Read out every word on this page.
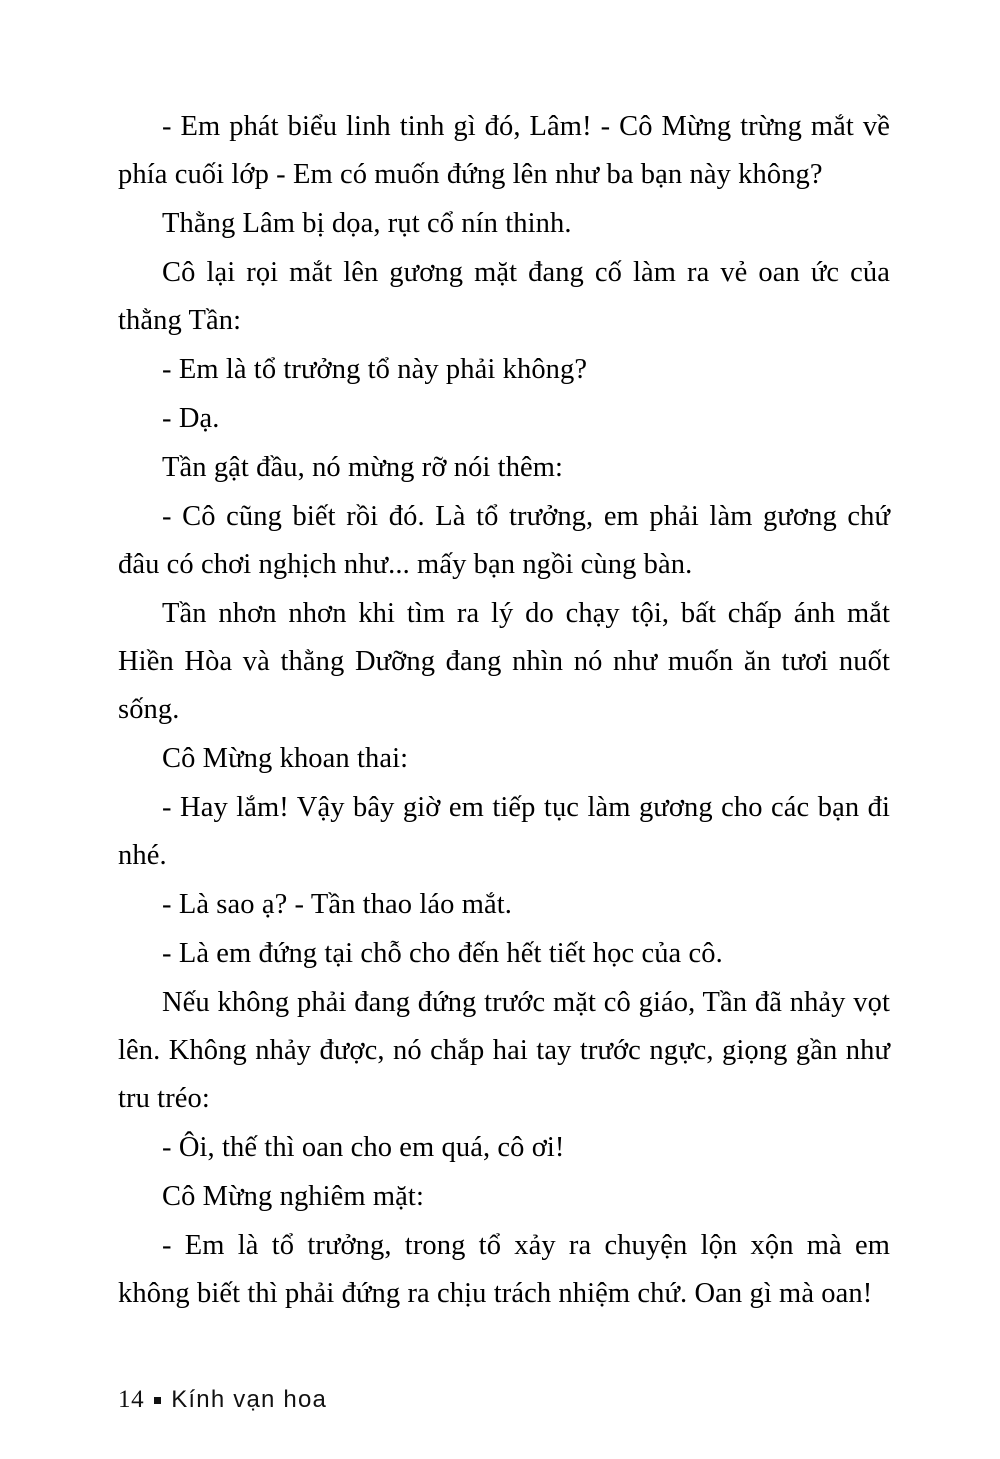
- Em phát biểu linh tinh gì đó, Lâm! - Cô Mừng trừng mắt về phía cuối lớp - Em có muốn đứng lên như ba bạn này không?

Thằng Lâm bị dọa, rụt cổ nín thinh.

Cô lại rọi mắt lên gương mặt đang cố làm ra vẻ oan ức của thằng Tần:

- Em là tổ trưởng tổ này phải không?

- Dạ.

Tần gật đầu, nó mừng rỡ nói thêm:

- Cô cũng biết rồi đó. Là tổ trưởng, em phải làm gương chứ đâu có chơi nghịch như... mấy bạn ngồi cùng bàn.

Tần nhơn nhơn khi tìm ra lý do chạy tội, bất chấp ánh mắt Hiền Hòa và thằng Dưỡng đang nhìn nó như muốn ăn tươi nuốt sống.

Cô Mừng khoan thai:

- Hay lắm! Vậy bây giờ em tiếp tục làm gương cho các bạn đi nhé.

- Là sao ạ? - Tần thao láo mắt.

- Là em đứng tại chỗ cho đến hết tiết học của cô.

Nếu không phải đang đứng trước mặt cô giáo, Tần đã nhảy vọt lên. Không nhảy được, nó chắp hai tay trước ngực, giọng gần như tru tréo:

- Ôi, thế thì oan cho em quá, cô ơi!

Cô Mừng nghiêm mặt:

- Em là tổ trưởng, trong tổ xảy ra chuyện lộn xộn mà em không biết thì phải đứng ra chịu trách nhiệm chứ. Oan gì mà oan!

14 Kính vạn hoa
